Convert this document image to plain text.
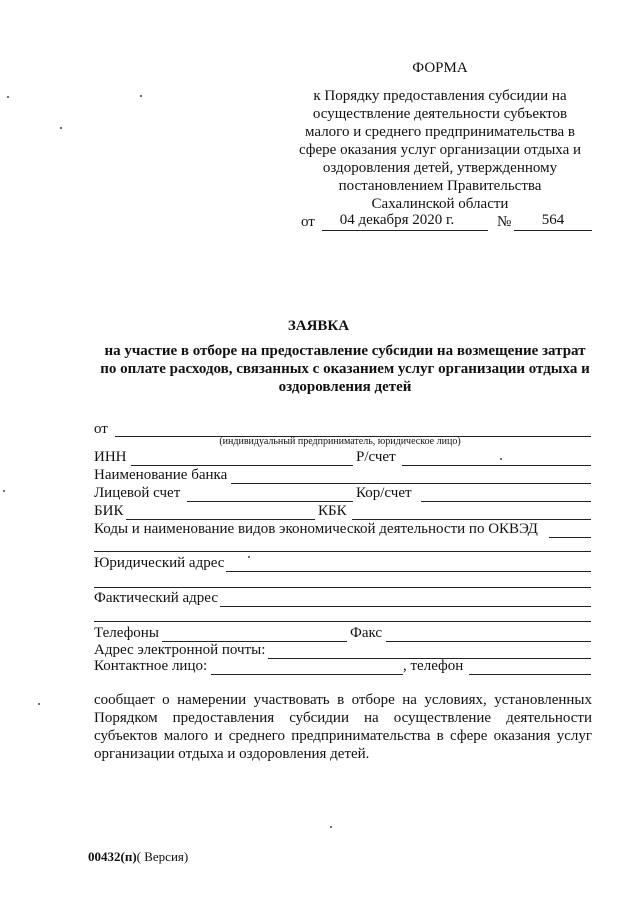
ФОРМА
к Порядку предоставления субсидии на
осуществление деятельности субъектов
малого и среднего предпринимательства в
сфере оказания услуг организации отдыха и
оздоровления детей, утвержденному
постановлением Правительства
Сахалинской области
от	04 декабря 2020 г.	№	564
ЗАЯВКА
на участие в отборе на предоставление субсидии на возмещение затрат
по оплате расходов, связанных с оказанием услуг организации отдыха и
оздоровления детей
от
(индивидуальный предприниматель, юридическое лицо)
ИНН	Р/счет
Наименование банка
Лицевой счет	Кор/счет
БИК	КБК
Коды и наименование видов экономической деятельности по ОКВЭД
Юридический адрес
Фактический адрес
Телефоны	Факс
Адрес электронной почты:
Контактное лицо:	, телефон
сообщает о намерении участвовать в отборе на условиях, установленных
Порядком предоставления субсидии на осуществление деятельности
субъектов малого и среднего предпринимательства в сфере оказания услуг
организации отдыха и оздоровления детей.
00432(п)( Версия)
